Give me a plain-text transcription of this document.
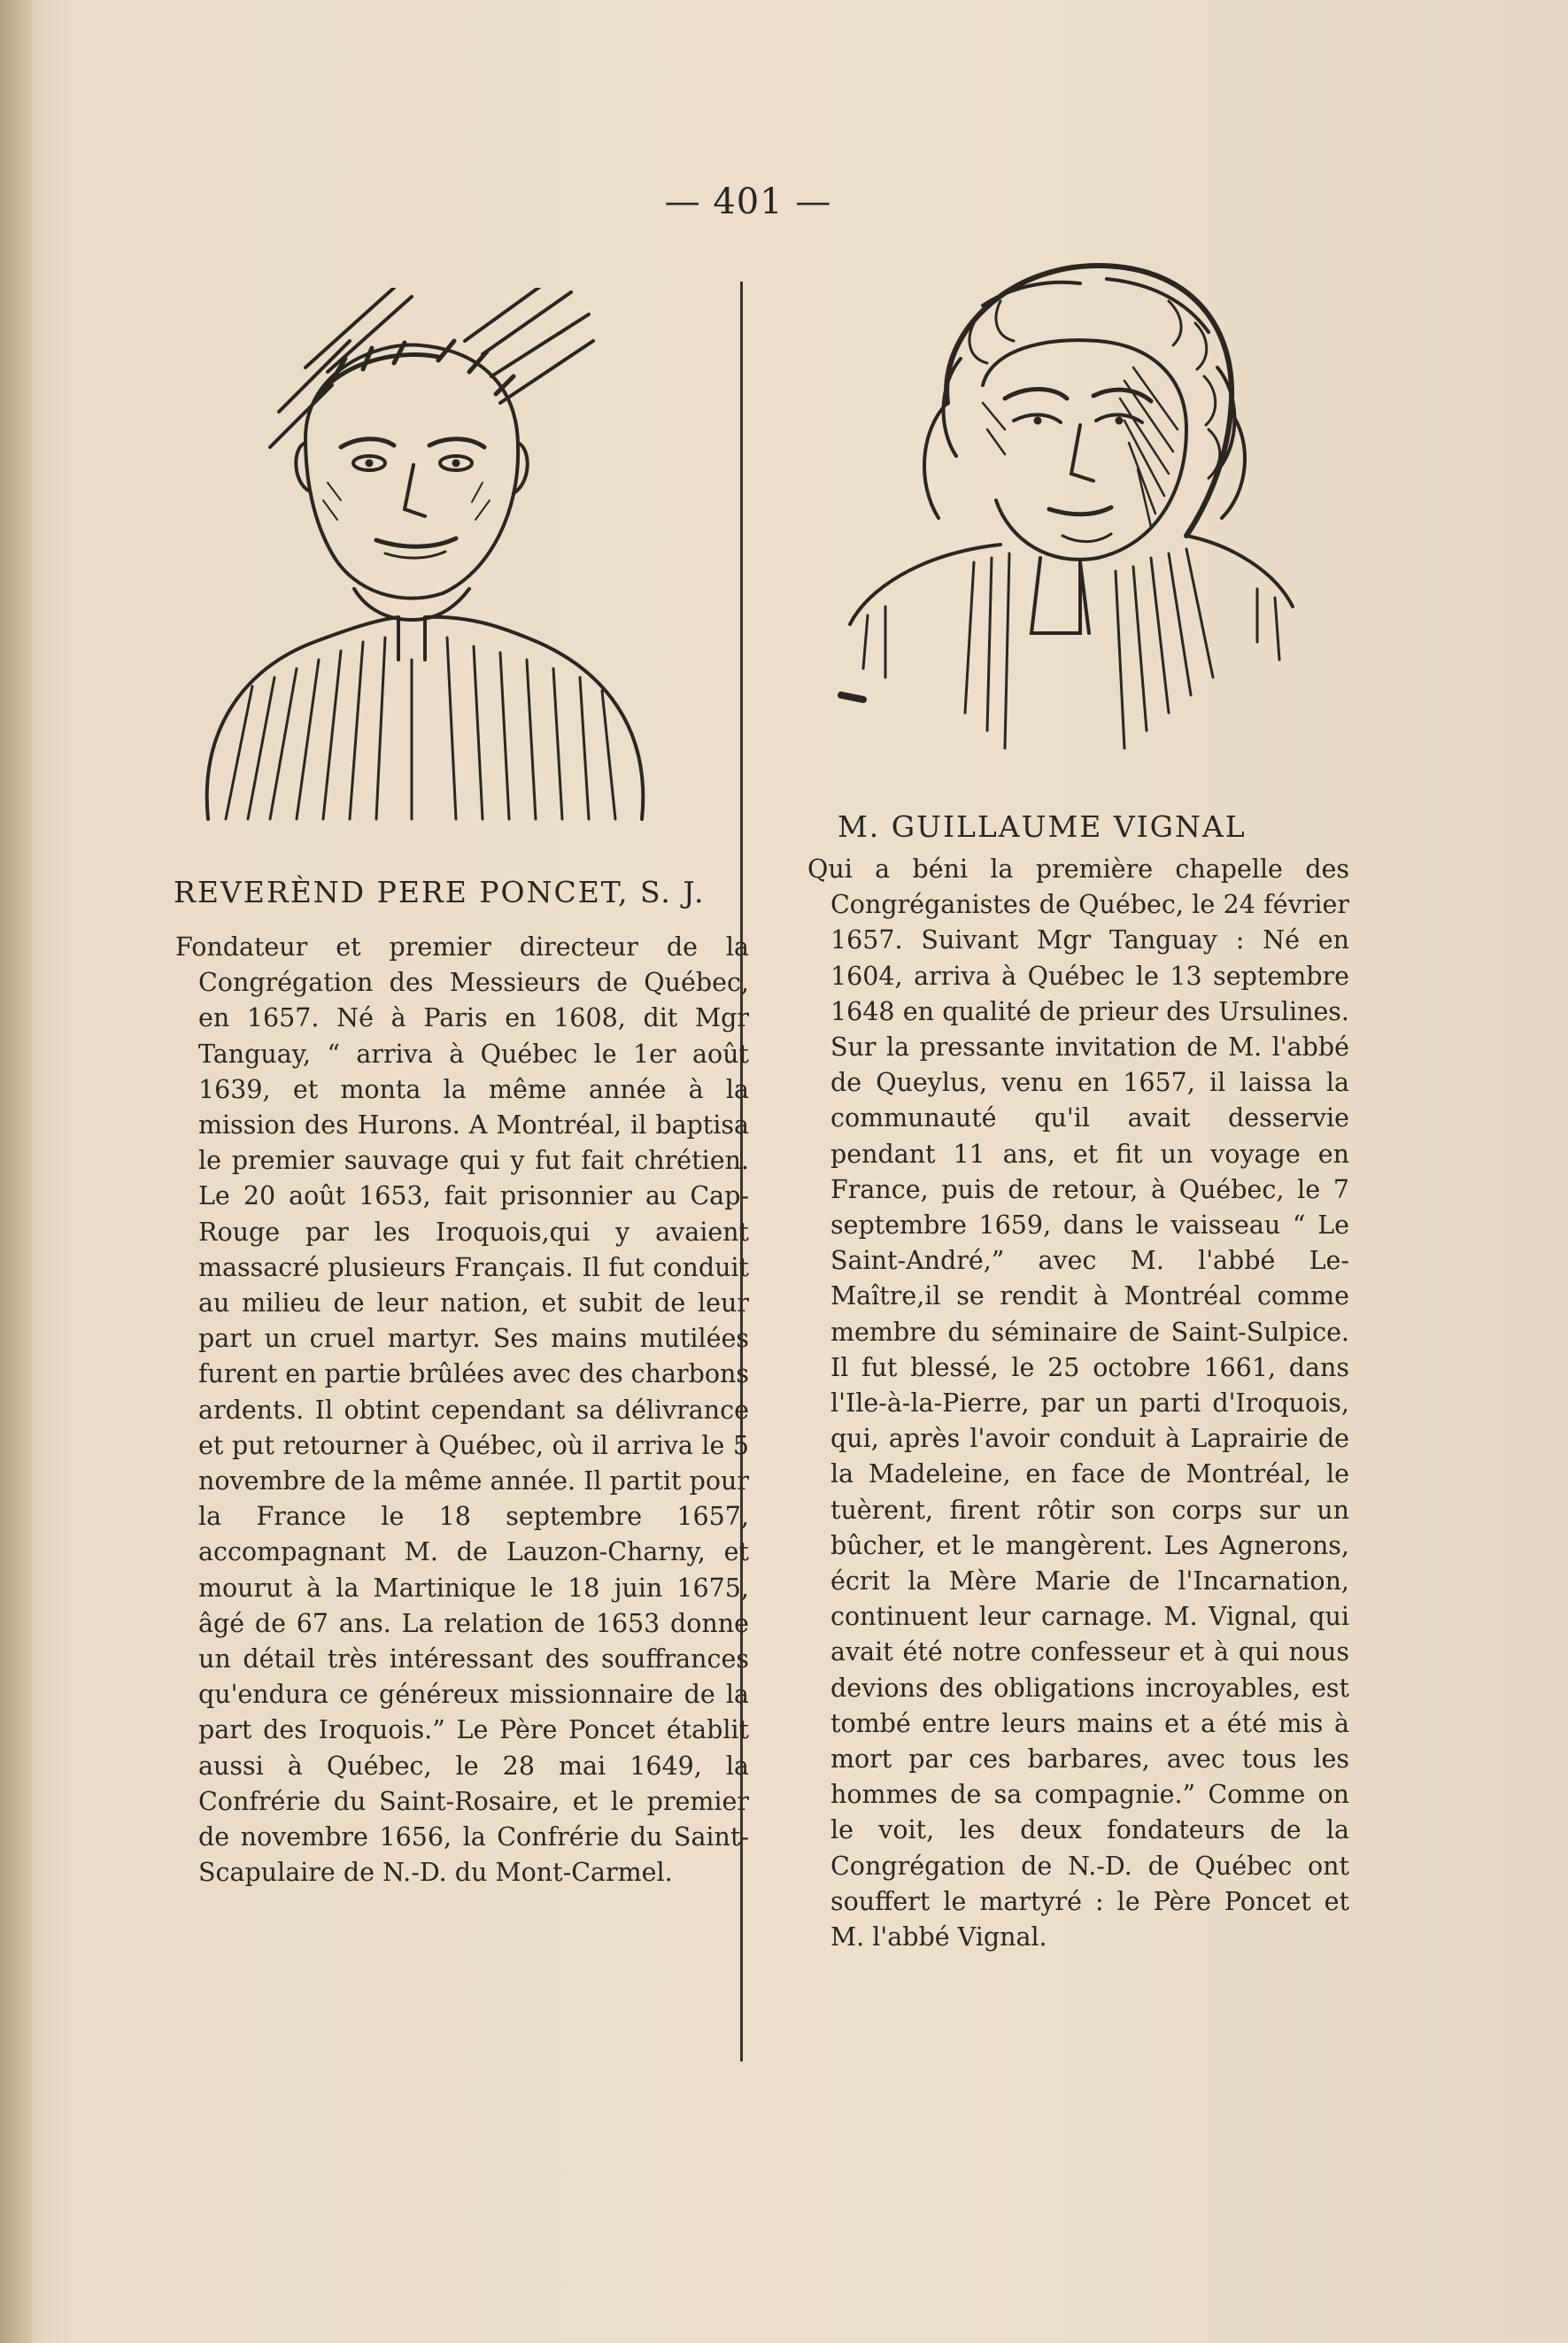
— 401 —
REVERÈND PERE PONCET, S. J.
M. GUILLAUME VIGNAL

Fondateur et premier directeur de la Congrégation des Messieurs de Québec, en 1657. Né à Paris en 1608, dit Mgr Tanguay, “ arriva à Québec le 1er août 1639, et monta la même année à la mission des Hurons. A Montréal, il baptisa le premier sauvage qui y fut fait chrétien. Le 20 août 1653, fait prisonnier au Cap-Rouge par les Iroquois,qui y avaient massacré plusieurs Français. Il fut conduit au milieu de leur nation, et subit de leur part un cruel martyr. Ses mains mutilées furent en partie brûlées avec des charbons ardents. Il obtint cependant sa délivrance et put retourner à Québec, où il arriva le 5 novembre de la même année. Il partit pour la France le 18 septembre 1657, accompagnant M. de Lauzon-Charny, et mourut à la Martinique le 18 juin 1675, âgé de 67 ans. La relation de 1653 donne un détail très intéressant des souffrances qu'endura ce généreux missionnaire de la part des Iroquois.” Le Père Poncet établit aussi à Québec, le 28 mai 1649, la Confrérie du Saint-Rosaire, et le premier de novembre 1656, la Confrérie du Saint-Scapulaire de N.-D. du Mont-Carmel.

Qui a béni la première chapelle des Congréganistes de Québec, le 24 février 1657. Suivant Mgr Tanguay : Né en 1604, arriva à Québec le 13 septembre 1648 en qualité de prieur des Ursulines. Sur la pressante invitation de M. l'abbé de Queylus, venu en 1657, il laissa la communauté qu'il avait desservie pendant 11 ans, et fit un voyage en France, puis de retour, à Québec, le 7 septembre 1659, dans le vaisseau “ Le Saint-André,” avec M. l'abbé Le-Maître,il se rendit à Montréal comme membre du séminaire de Saint-Sulpice. Il fut blessé, le 25 octobre 1661, dans l'Ile-à-la-Pierre, par un parti d'Iroquois, qui, après l'avoir conduit à Laprairie de la Madeleine, en face de Montréal, le tuèrent, firent rôtir son corps sur un bûcher, et le mangèrent. Les Agnerons, écrit la Mère Marie de l'Incarnation, continuent leur carnage. M. Vignal, qui avait été notre confesseur et à qui nous devions des obligations incroyables, est tombé entre leurs mains et a été mis à mort par ces barbares, avec tous les hommes de sa compagnie.” Comme on le voit, les deux fondateurs de la Congrégation de N.-D. de Québec ont souffert le martyré : le Père Poncet et M. l'abbé Vignal.
